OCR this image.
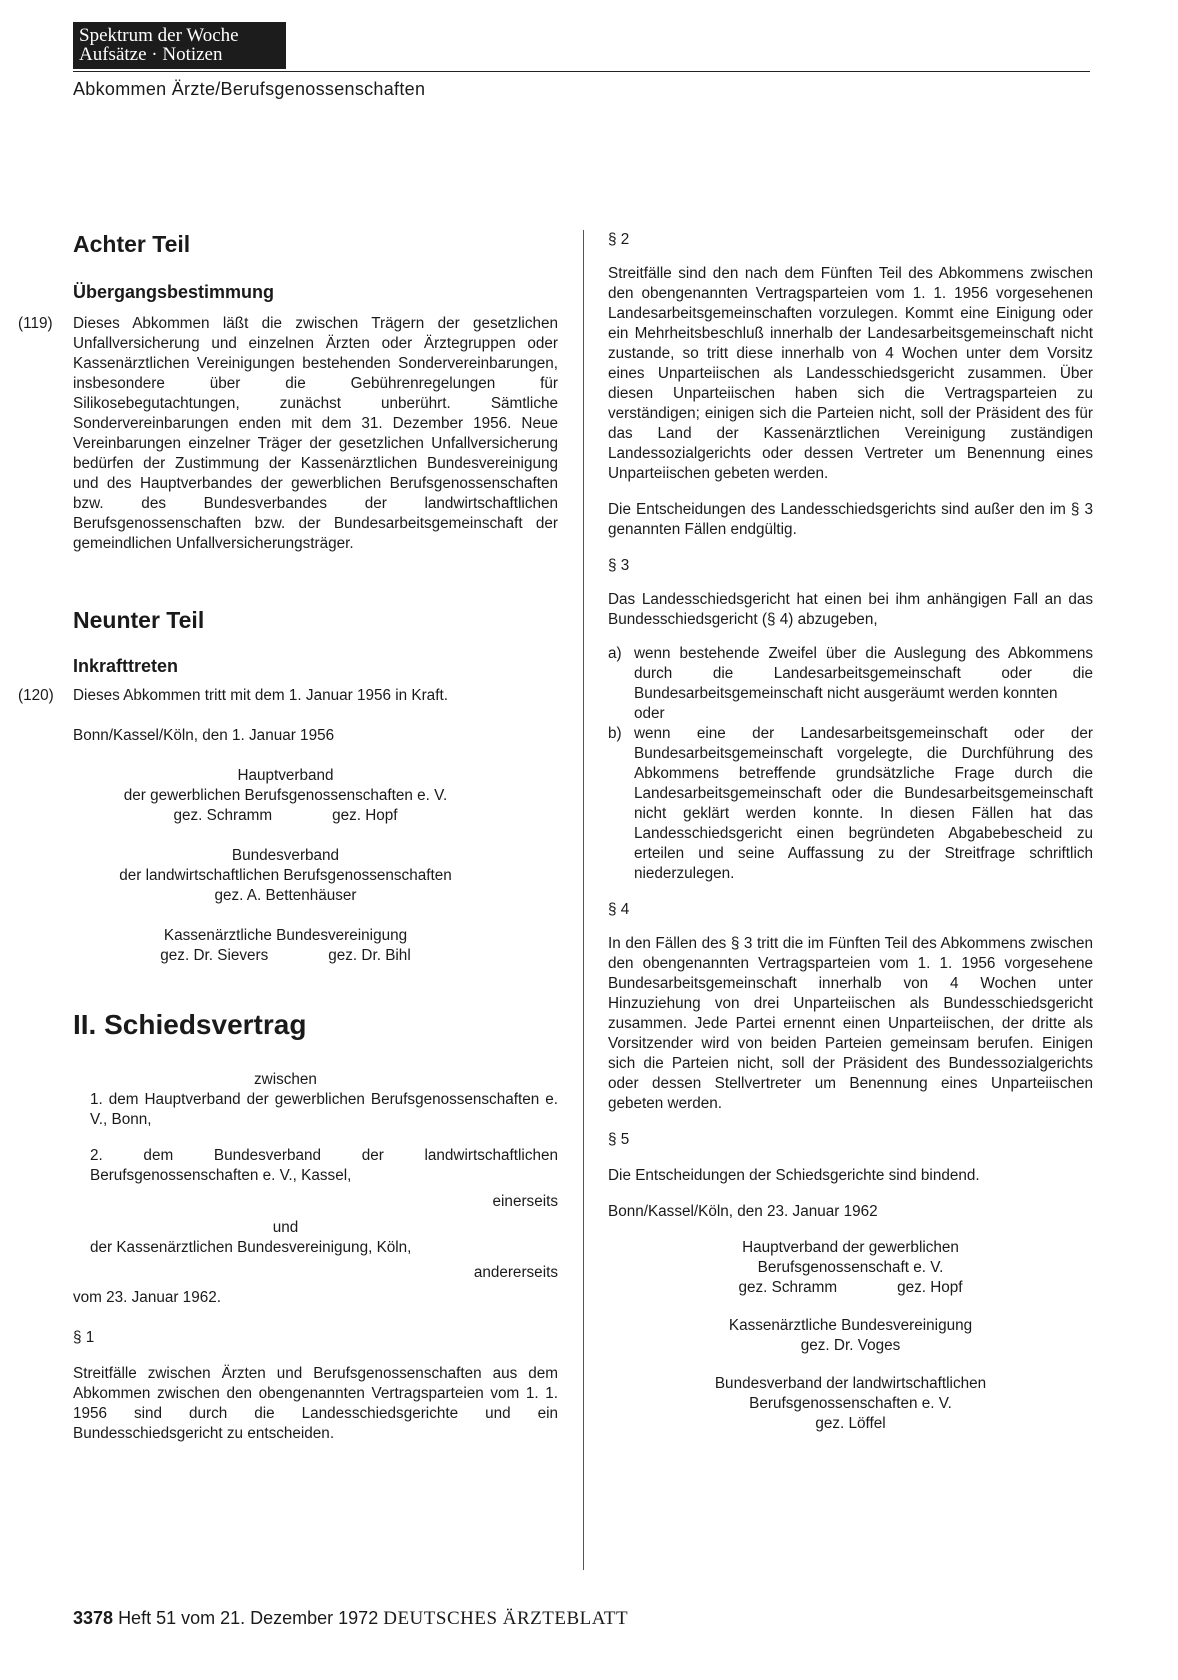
Spektrum der Woche
Aufsätze · Notizen
Abkommen Ärzte/Berufsgenossenschaften
Achter Teil
Übergangsbestimmung
(119) Dieses Abkommen läßt die zwischen Trägern der gesetzlichen Unfallversicherung und einzelnen Ärzten oder Ärztegruppen oder Kassenärztlichen Vereinigungen bestehenden Sondervereinbarungen, insbesondere über die Gebührenregelungen für Silikosebegutachtungen, zunächst unberührt. Sämtliche Sondervereinbarungen enden mit dem 31. Dezember 1956. Neue Vereinbarungen einzelner Träger der gesetzlichen Unfallversicherung bedürfen der Zustimmung der Kassenärztlichen Bundesvereinigung und des Hauptverbandes der gewerblichen Berufsgenossenschaften bzw. des Bundesverbandes der landwirtschaftlichen Berufsgenossenschaften bzw. der Bundesarbeitsgemeinschaft der gemeindlichen Unfallversicherungsträger.

Neunter Teil
Inkrafttreten
(120) Dieses Abkommen tritt mit dem 1. Januar 1956 in Kraft.

Bonn/Kassel/Köln, den 1. Januar 1956

Hauptverband
der gewerblichen Berufsgenossenschaften e. V.
gez. Schramm	gez. Hopf
Bundesverband
der landwirtschaftlichen Berufsgenossenschaften
gez. A. Bettenhäuser
Kassenärztliche Bundesvereinigung
gez. Dr. Sievers	gez. Dr. Bihl
II. Schiedsvertrag
zwischen
1. dem Hauptverband der gewerblichen Berufsgenossenschaften e. V., Bonn,
2. dem Bundesverband der landwirtschaftlichen Berufsgenossenschaften e. V., Kassel,
einerseits
und
der Kassenärztlichen Bundesvereinigung, Köln,
andererseits
vom 23. Januar 1962.
§ 1

Streitfälle zwischen Ärzten und Berufsgenossenschaften aus dem Abkommen zwischen den obengenannten Vertragsparteien vom 1. 1. 1956 sind durch die Landesschiedsgerichte und ein Bundesschiedsgericht zu entscheiden.

§ 2

Streitfälle sind den nach dem Fünften Teil des Abkommens zwischen den obengenannten Vertragsparteien vom 1. 1. 1956 vorgesehenen Landesarbeitsgemeinschaften vorzulegen. Kommt eine Einigung oder ein Mehrheitsbeschluß innerhalb der Landesarbeitsgemeinschaft nicht zustande, so tritt diese innerhalb von 4 Wochen unter dem Vorsitz eines Unparteiischen als Landesschiedsgericht zusammen. Über diesen Unparteiischen haben sich die Vertragsparteien zu verständigen; einigen sich die Parteien nicht, soll der Präsident des für das Land der Kassenärztlichen Vereinigung zuständigen Landessozialgerichts oder dessen Vertreter um Benennung eines Unparteiischen gebeten werden.

Die Entscheidungen des Landesschiedsgerichts sind außer den im § 3 genannten Fällen endgültig.

§ 3

Das Landesschiedsgericht hat einen bei ihm anhängigen Fall an das Bundesschiedsgericht (§ 4) abzugeben,

a) wenn bestehende Zweifel über die Auslegung des Abkommens durch die Landesarbeitsgemeinschaft oder die Bundesarbeitsgemeinschaft nicht ausgeräumt werden konnten
oder
b) wenn eine der Landesarbeitsgemeinschaft oder der Bundesarbeitsgemeinschaft vorgelegte, die Durchführung des Abkommens betreffende grundsätzliche Frage durch die Landesarbeitsgemeinschaft oder die Bundesarbeitsgemeinschaft nicht geklärt werden konnte. In diesen Fällen hat das Landesschiedsgericht einen begründeten Abgabebescheid zu erteilen und seine Auffassung zu der Streitfrage schriftlich niederzulegen.
§ 4

In den Fällen des § 3 tritt die im Fünften Teil des Abkommens zwischen den obengenannten Vertragsparteien vom 1. 1. 1956 vorgesehene Bundesarbeitsgemeinschaft innerhalb von 4 Wochen unter Hinzuziehung von drei Unparteiischen als Bundesschiedsgericht zusammen. Jede Partei ernennt einen Unparteiischen, der dritte als Vorsitzender wird von beiden Parteien gemeinsam berufen. Einigen sich die Parteien nicht, soll der Präsident des Bundessozialgerichts oder dessen Stellvertreter um Benennung eines Unparteiischen gebeten werden.

§ 5

Die Entscheidungen der Schiedsgerichte sind bindend.

Bonn/Kassel/Köln, den 23. Januar 1962

Hauptverband der gewerblichen
Berufsgenossenschaft e. V.
gez. Schramm	gez. Hopf
Kassenärztliche Bundesvereinigung
gez. Dr. Voges
Bundesverband der landwirtschaftlichen
Berufsgenossenschaften e. V.
gez. Löffel
3378 Heft 51 vom 21. Dezember 1972 DEUTSCHES ÄRZTEBLATT
